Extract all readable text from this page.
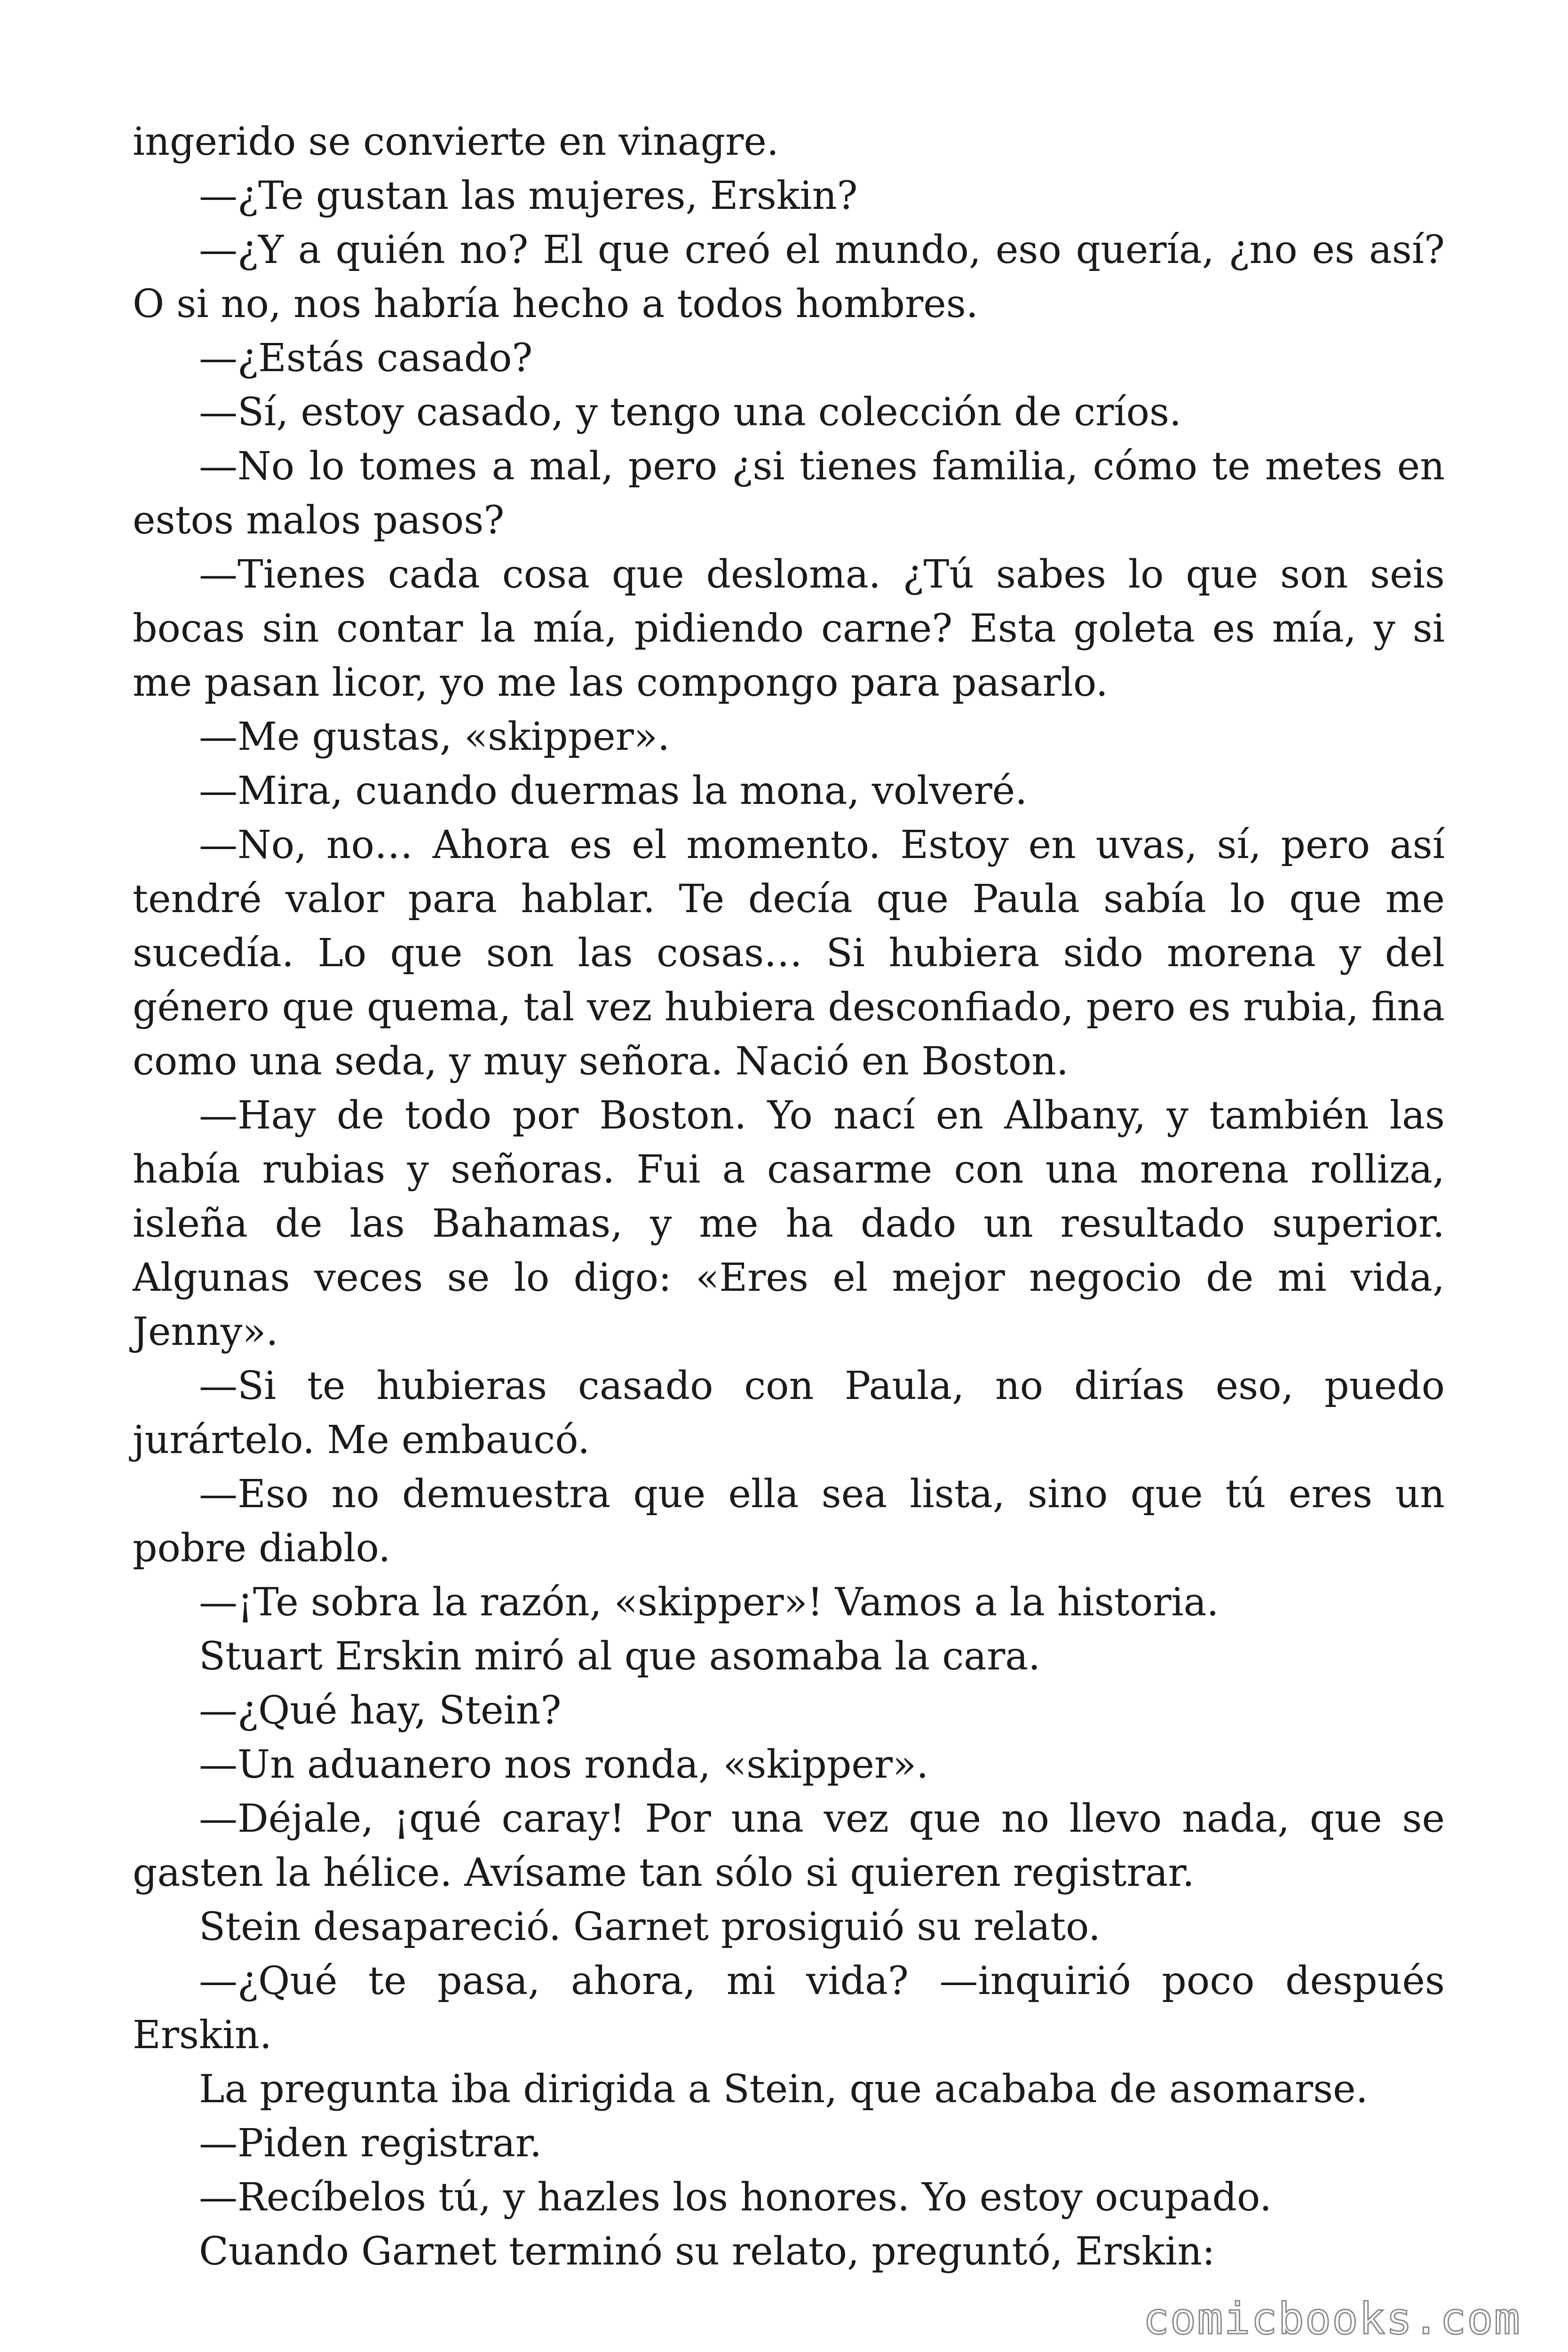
ingerido se convierte en vinagre.

—¿Te gustan las mujeres, Erskin?

—¿Y a quién no? El que creó el mundo, eso quería, ¿no es así? O si no, nos habría hecho a todos hombres.

—¿Estás casado?

—Sí, estoy casado, y tengo una colección de críos.

—No lo tomes a mal, pero ¿si tienes familia, cómo te metes en estos malos pasos?

—Tienes cada cosa que desloma. ¿Tú sabes lo que son seis bocas sin contar la mía, pidiendo carne? Esta goleta es mía, y si me pasan licor, yo me las compongo para pasarlo.

—Me gustas, «skipper».

—Mira, cuando duermas la mona, volveré.

—No, no… Ahora es el momento. Estoy en uvas, sí, pero así tendré valor para hablar. Te decía que Paula sabía lo que me sucedía. Lo que son las cosas… Si hubiera sido morena y del género que quema, tal vez hubiera desconfiado, pero es rubia, fina como una seda, y muy señora. Nació en Boston.

—Hay de todo por Boston. Yo nací en Albany, y también las había rubias y señoras. Fui a casarme con una morena rolliza, isleña de las Bahamas, y me ha dado un resultado superior. Algunas veces se lo digo: «Eres el mejor negocio de mi vida, Jenny».

—Si te hubieras casado con Paula, no dirías eso, puedo jurártelo. Me embaucó.

—Eso no demuestra que ella sea lista, sino que tú eres un pobre diablo.

—¡Te sobra la razón, «skipper»! Vamos a la historia.

Stuart Erskin miró al que asomaba la cara.

—¿Qué hay, Stein?

—Un aduanero nos ronda, «skipper».

—Déjale, ¡qué caray! Por una vez que no llevo nada, que se gasten la hélice. Avísame tan sólo si quieren registrar.

Stein desapareció. Garnet prosiguió su relato.

—¿Qué te pasa, ahora, mi vida? —inquirió poco después Erskin.

La pregunta iba dirigida a Stein, que acababa de asomarse.

—Piden registrar.

—Recíbelos tú, y hazles los honores. Yo estoy ocupado.

Cuando Garnet terminó su relato, preguntó, Erskin:

comicbooks.com
